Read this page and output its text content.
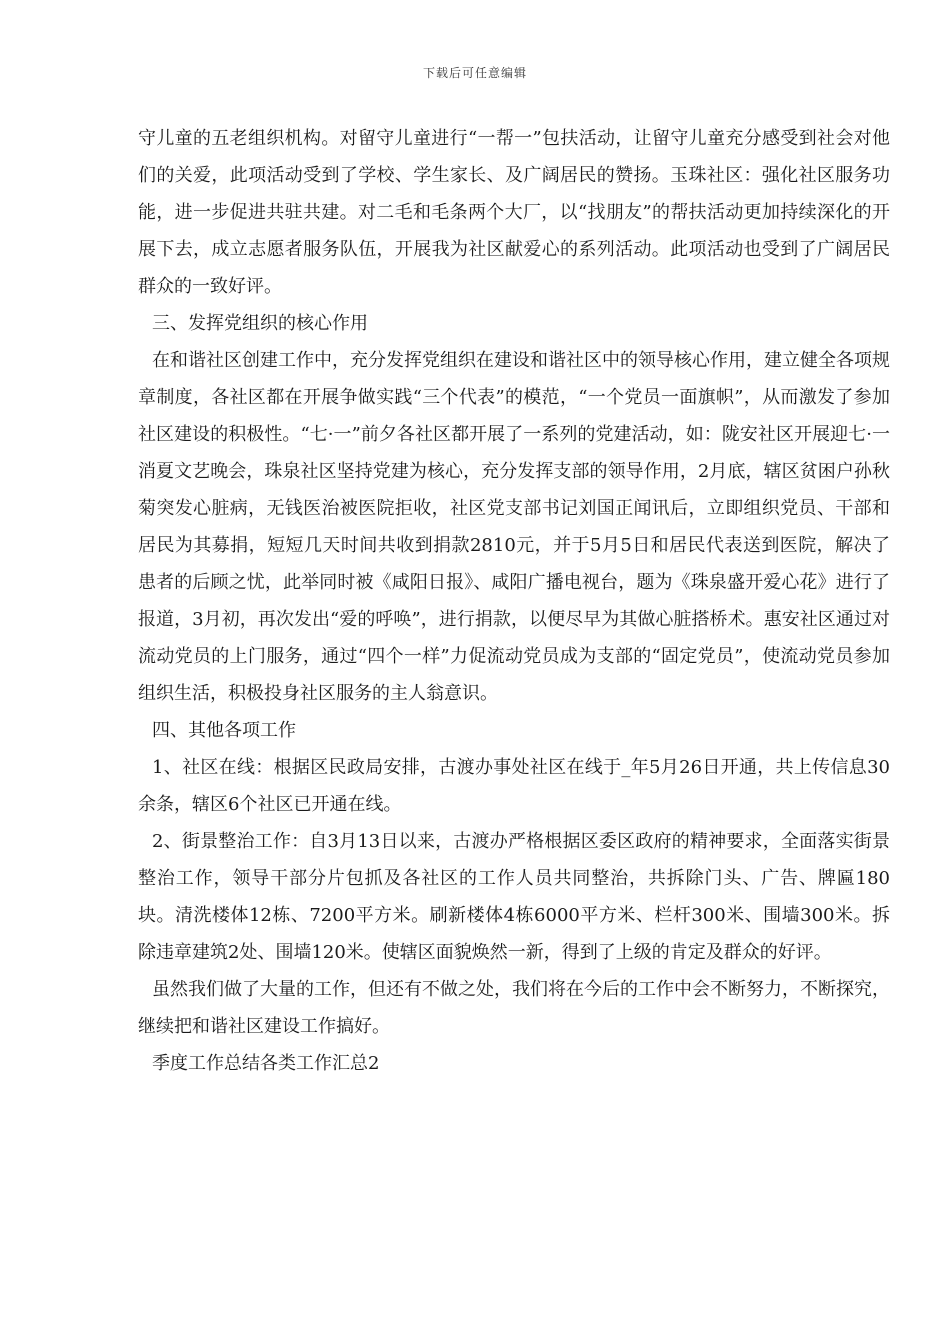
下载后可任意编辑

守儿童的五老组织机构。对留守儿童进行“一帮一”包扶活动，让留守儿童充分感受到社会对他们的关爱，此项活动受到了学校、学生家长、及广阔居民的赞扬。玉珠社区：强化社区服务功能，进一步促进共驻共建。对二毛和毛条两个大厂，以“找朋友”的帮扶活动更加持续深化的开展下去，成立志愿者服务队伍，开展我为社区献爱心的系列活动。此项活动也受到了广阔居民群众的一致好评。

三、发挥党组织的核心作用

在和谐社区创建工作中，充分发挥党组织在建设和谐社区中的领导核心作用，建立健全各项规章制度，各社区都在开展争做实践“三个代表”的模范，“一个党员一面旗帜”，从而激发了参加社区建设的积极性。“七·一”前夕各社区都开展了一系列的党建活动，如：陇安社区开展迎七·一消夏文艺晚会，珠泉社区坚持党建为核心，充分发挥支部的领导作用，2月底，辖区贫困户孙秋菊突发心脏病，无钱医治被医院拒收，社区党支部书记刘国正闻讯后，立即组织党员、干部和居民为其募捐，短短几天时间共收到捐款2810元，并于5月5日和居民代表送到医院，解决了患者的后顾之忧，此举同时被《咸阳日报》、咸阳广播电视台，题为《珠泉盛开爱心花》进行了报道，3月初，再次发出“爱的呼唤”，进行捐款，以便尽早为其做心脏搭桥术。惠安社区通过对流动党员的上门服务，通过“四个一样”力促流动党员成为支部的“固定党员”，使流动党员参加组织生活，积极投身社区服务的主人翁意识。

四、其他各项工作

1、社区在线：根据区民政局安排，古渡办事处社区在线于_年5月26日开通，共上传信息30余条，辖区6个社区已开通在线。

2、街景整治工作：自3月13日以来，古渡办严格根据区委区政府的精神要求，全面落实街景整治工作，领导干部分片包抓及各社区的工作人员共同整治，共拆除门头、广告、牌匾180块。清洗楼体12栋、7200平方米。刷新楼体4栋6000平方米、栏杆300米、围墙300米。拆除违章建筑2处、围墙120米。使辖区面貌焕然一新，得到了上级的肯定及群众的好评。

虽然我们做了大量的工作，但还有不做之处，我们将在今后的工作中会不断努力，不断探究，继续把和谐社区建设工作搞好。

季度工作总结各类工作汇总2
